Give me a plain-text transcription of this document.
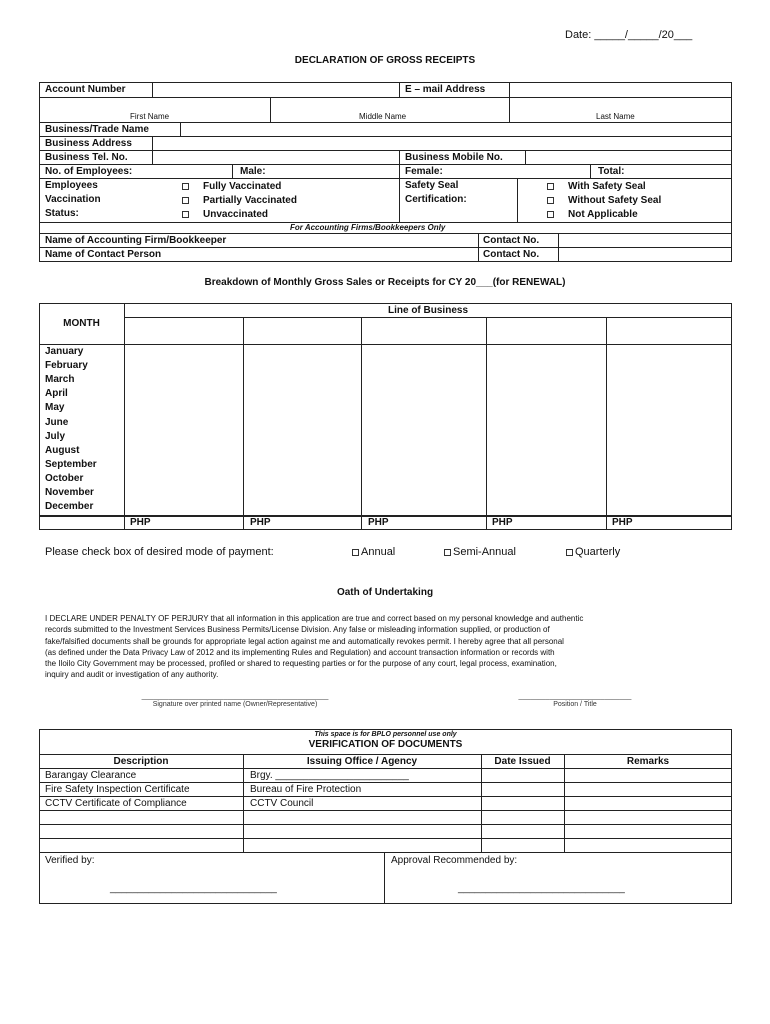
Date: _____/_____/20___
DECLARATION OF GROSS RECEIPTS
Account Number	E – mail Address
First Name	Middle Name	Last Name
Business/Trade Name
Business Address
Business Tel. No.	Business Mobile No.
No. of Employees:	Male:	Female:	Total:
Employees
Vaccination
Status:
Fully Vaccinated
Partially Vaccinated
Unvaccinated
Safety Seal
Certification:
With Safety Seal
Without Safety Seal
Not Applicable
For Accounting Firms/Bookkeepers Only
Name of Accounting Firm/Bookkeeper	Contact No.
Name of Contact Person	Contact No.
Breakdown of Monthly Gross Sales or Receipts for CY 20___(for RENEWAL)
Line of Business
MONTH
January
February
March
April
May
June
July
August
September
October
November
December
PHP	PHP	PHP	PHP	PHP
Please check box of desired mode of payment:	Annual	Semi-Annual	Quarterly
Oath of Undertaking
I DECLARE UNDER PENALTY OF PERJURY that all information in this application are true and correct based on my personal knowledge and authentic
records submitted to the Investment Services Business Permits/License Division. Any false or misleading information supplied, or production of
fake/falsified documents shall be grounds for appropriate legal action against me and automatically revokes permit. I hereby agree that all personal
(as defined under the Data Privacy Law of 2012 and its implementing Rules and Regulation) and account transaction information or records with
the Iloilo City Government may be processed, profiled or shared to requesting parties or for the purpose of any court, legal process, examination,
inquiry and audit or investigation of any authority.
________________________________________________
Signature over printed name (Owner/Representative)
_____________________________
Position / Title
This space is for BPLO personnel use only
VERIFICATION OF DOCUMENTS
Description	Issuing Office / Agency	Date Issued	Remarks
Barangay Clearance	Brgy. ________________________
Fire Safety Inspection Certificate	Bureau of Fire Protection
CCTV Certificate of Compliance	CCTV Council
Verified by:	Approval Recommended by:
______________________________	______________________________
